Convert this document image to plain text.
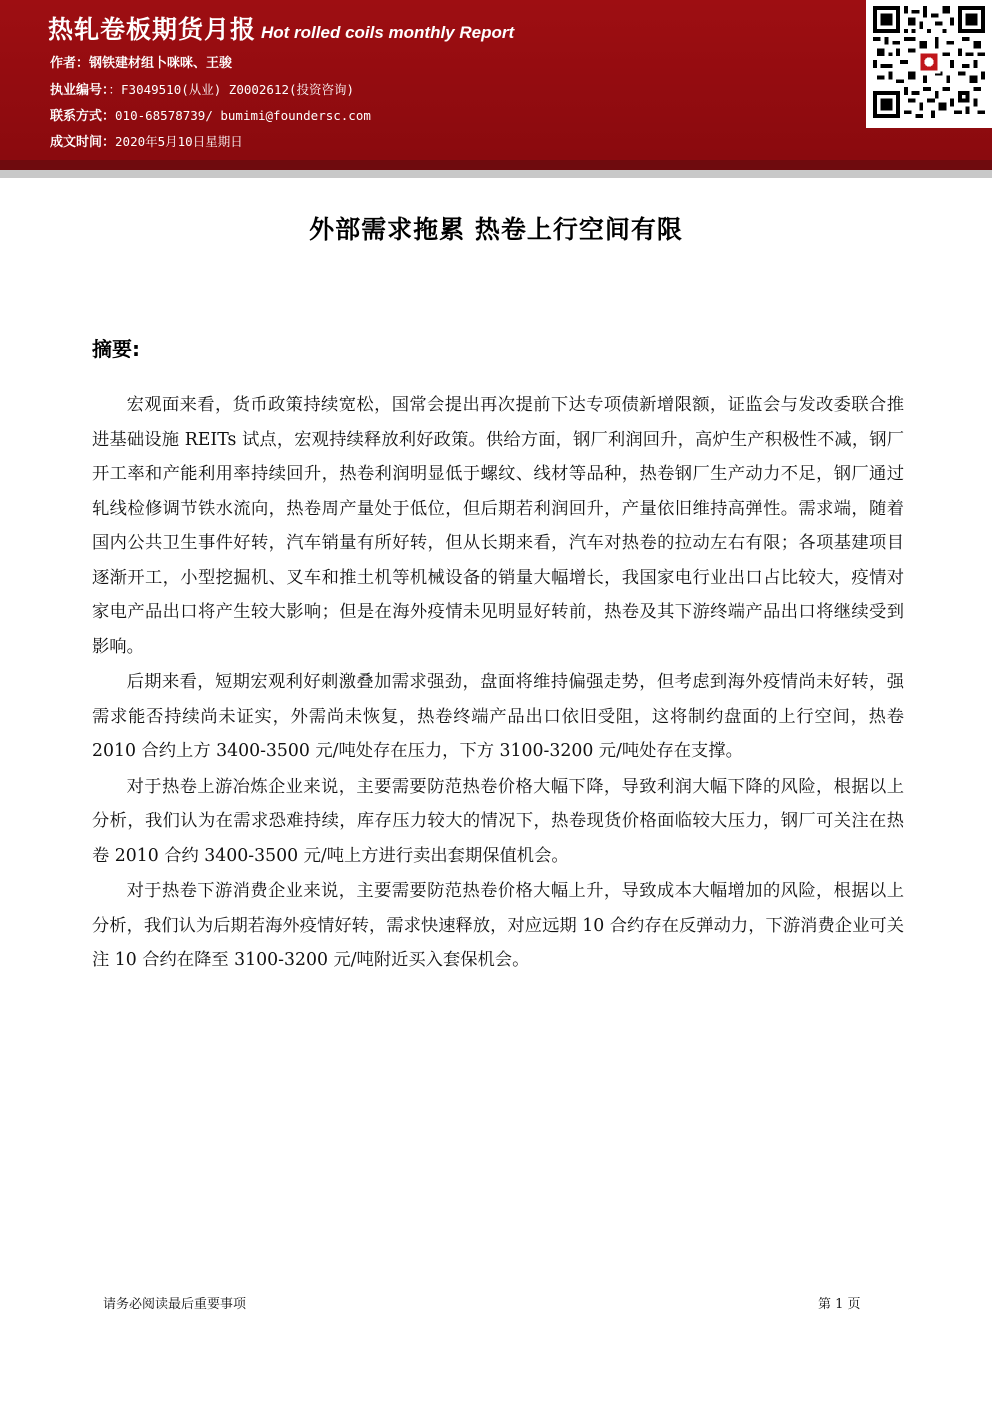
热轧卷板期货月报 Hot rolled coils monthly Report
作者：钢铁建材组卜咪咪、王骏
执业编号：：F3049510(从业) Z0002612(投资咨询)
联系方式：010-68578739/ bumimi@foundersc.com
成文时间：2020年5月10日星期日
外部需求拖累 热卷上行空间有限
摘要:

宏观面来看，货币政策持续宽松，国常会提出再次提前下达专项债新增限额，证监会与发改委联合推进基础设施 REITs 试点，宏观持续释放利好政策。供给方面，钢厂利润回升，高炉生产积极性不减，钢厂开工率和产能利用率持续回升，热卷利润明显低于螺纹、线材等品种，热卷钢厂生产动力不足，钢厂通过轧线检修调节铁水流向，热卷周产量处于低位，但后期若利润回升，产量依旧维持高弹性。需求端，随着国内公共卫生事件好转，汽车销量有所好转，但从长期来看，汽车对热卷的拉动左右有限；各项基建项目逐渐开工，小型挖掘机、叉车和推土机等机械设备的销量大幅增长，我国家电行业出口占比较大，疫情对家电产品出口将产生较大影响；但是在海外疫情未见明显好转前，热卷及其下游终端产品出口将继续受到影响。

后期来看，短期宏观利好刺激叠加需求强劲，盘面将维持偏强走势，但考虑到海外疫情尚未好转，强需求能否持续尚未证实，外需尚未恢复，热卷终端产品出口依旧受阻，这将制约盘面的上行空间，热卷 2010 合约上方 3400-3500 元/吨处存在压力，下方 3100-3200 元/吨处存在支撑。

对于热卷上游冶炼企业来说，主要需要防范热卷价格大幅下降，导致利润大幅下降的风险，根据以上分析，我们认为在需求恐难持续，库存压力较大的情况下，热卷现货价格面临较大压力，钢厂可关注在热卷 2010 合约 3400-3500 元/吨上方进行卖出套期保值机会。

对于热卷下游消费企业来说，主要需要防范热卷价格大幅上升，导致成本大幅增加的风险，根据以上分析，我们认为后期若海外疫情好转，需求快速释放，对应远期 10 合约存在反弹动力，下游消费企业可关注 10 合约在降至 3100-3200 元/吨附近买入套保机会。

请务必阅读最后重要事项	第 1 页
